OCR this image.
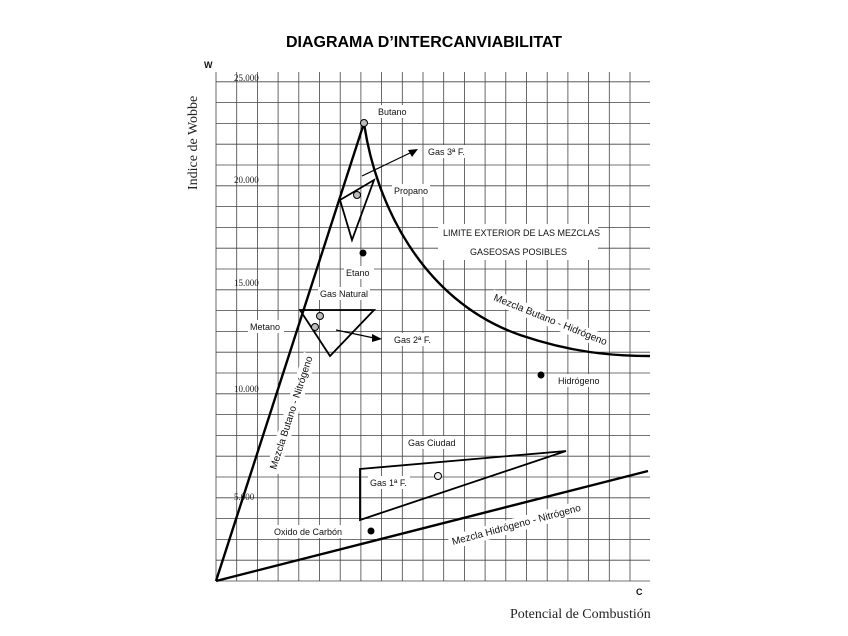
DIAGRAMA D’INTERCANVIABILITAT
25.000
20.000
15.000
10.000
5.000
W
C
Potencial de Combustión
Indice de Wobbe	Butano
Gas 3ª F.
Propano
LIMITE EXTERIOR DE LAS MEZCLAS
GASEOSAS POSIBLES
Etano
Gas Natural
Metano
Gas 2ª F.
Hidrógeno
Gas Ciudad
Gas 1ª F.
Oxido de Carbón
Mezcla Butano - Hidrógeno
Mezcla Butano - Nitrógeno
Mezcla Hidrógeno - Nitrógeno
